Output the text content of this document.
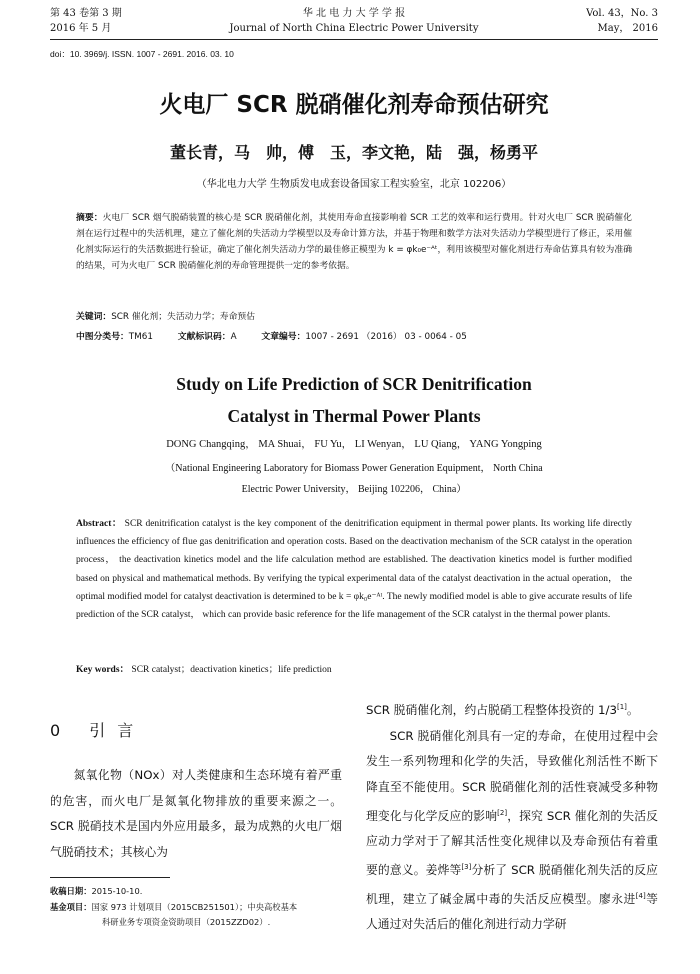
第 43 卷第 3 期
2016 年 5 月
华 北 电 力 大 学 学 报
Journal of North China Electric Power University
Vol. 43，No. 3
May， 2016
doi：10. 3969/j. ISSN. 1007 - 2691. 2016. 03. 10
火电厂 SCR 脱硝催化剂寿命预估研究
董长青，马　帅，傅　玉，李文艳，陆　强，杨勇平
（华北电力大学 生物质发电成套设备国家工程实验室，北京 102206）
摘要：火电厂 SCR 烟气脱硝装置的核心是 SCR 脱硝催化剂，其使用寿命直接影响着 SCR 工艺的效率和运行费用。针对火电厂 SCR 脱硝催化剂在运行过程中的失活机理，建立了催化剂的失活动力学模型以及寿命计算方法，并基于物理和数学方法对失活动力学模型进行了修正，采用催化剂实际运行的失活数据进行验证，确定了催化剂失活动力学的最佳修正模型为 k = φk₀e⁻ᴬᵗ，利用该模型对催化剂进行寿命估算具有较为准确的结果，可为火电厂 SCR 脱硝催化剂的寿命管理提供一定的参考依据。
关键词：SCR 催化剂；失活动力学；寿命预估
中图分类号：TM61	文献标识码：A	文章编号：1007 - 2691 （2016） 03 - 0064 - 05
Study on Life Prediction of SCR Denitrification
Catalyst in Thermal Power Plants
DONG Changqing， MA Shuai， FU Yu， LI Wenyan， LU Qiang， YANG Yongping
（National Engineering Laboratory for Biomass Power Generation Equipment， North China
Electric Power University， Beijing 102206， China）
Abstract： SCR denitrification catalyst is the key component of the denitrification equipment in thermal power plants. Its working life directly influences the efficiency of flue gas denitrification and operation costs. Based on the deactivation mechanism of the SCR catalyst in the operation process， the deactivation kinetics model and the life calculation method are established. The deactivation kinetics model is further modified based on physical and mathematical methods. By verifying the typical experimental data of the catalyst deactivation in the actual operation， the optimal modified model for catalyst deactivation is determined to be k = φk₀e⁻ᴬᵗ. The newly modified model is able to give accurate results of life prediction of the SCR catalyst， which can provide basic reference for the life management of the SCR catalyst in the thermal power plants.
Key words： SCR catalyst；deactivation kinetics；life prediction
0 引言

氮氧化物（NOx）对人类健康和生态环境有着严重的危害，而火电厂是氮氧化物排放的重要来源之一。SCR 脱硝技术是国内外应用最多，最为成熟的火电厂烟气脱硝技术；其核心为

SCR 脱硝催化剂，约占脱硝工程整体投资的 1/3[1]。

SCR 脱硝催化剂具有一定的寿命，在使用过程中会发生一系列物理和化学的失活，导致催化剂活性不断下降直至不能使用。SCR 脱硝催化剂的活性衰减受多种物理变化与化学反应的影响[2]，探究 SCR 催化剂的失活反应动力学对于了解其活性变化规律以及寿命预估有着重要的意义。姜烨等[3]分析了 SCR 脱硝催化剂失活的反应机理，建立了碱金属中毒的失活反应模型。廖永进[4]等人通过对失活后的催化剂进行动力学研

收稿日期：2015-10-10.
基金项目：国家 973 计划项目（2015CB251501）；中央高校基本
科研业务专项资金资助项目（2015ZZD02）.
